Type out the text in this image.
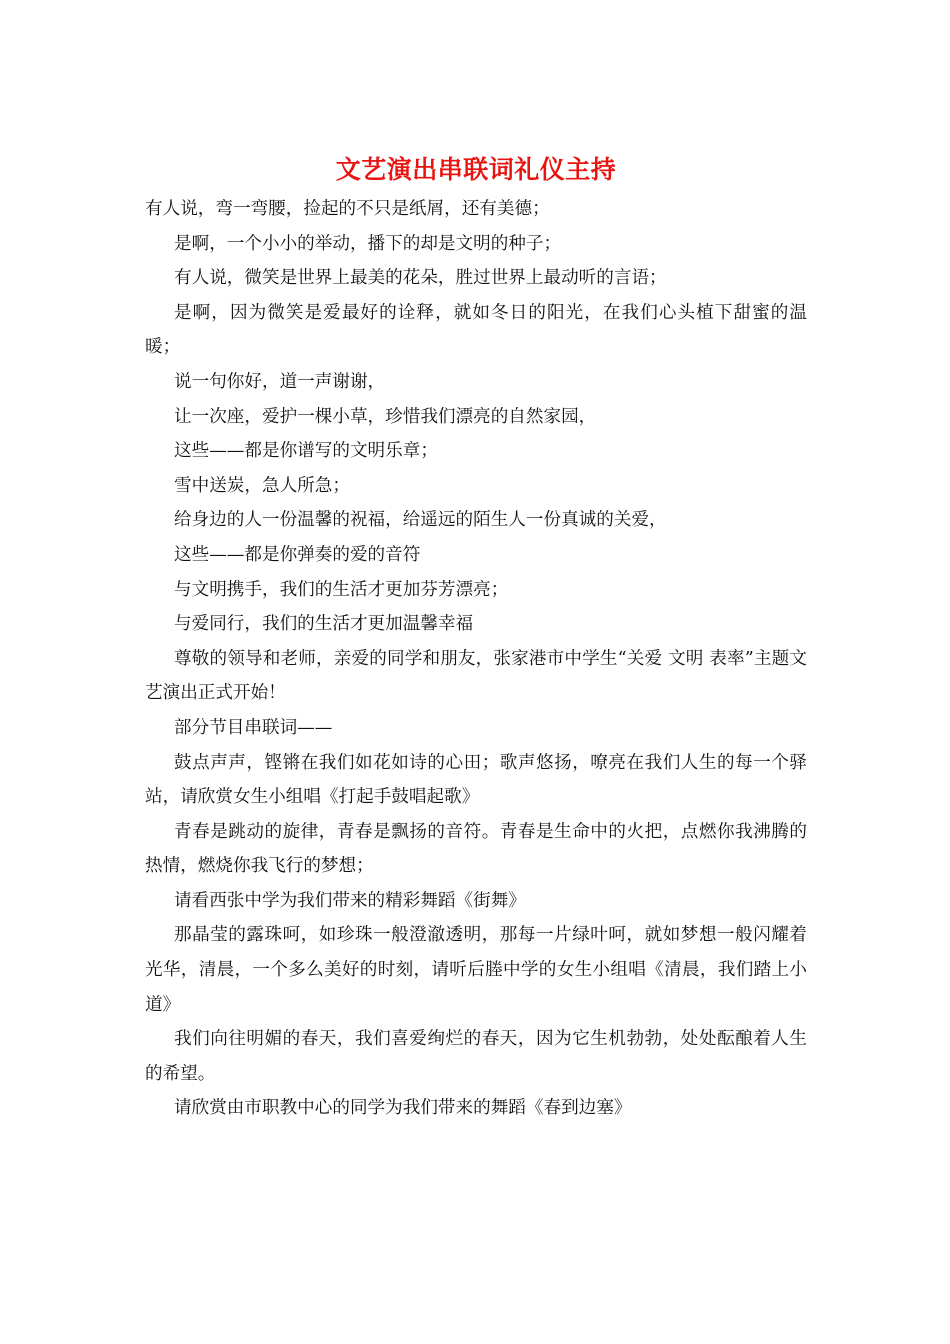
文艺演出串联词礼仪主持

有人说，弯一弯腰，捡起的不只是纸屑，还有美德；

是啊，一个小小的举动，播下的却是文明的种子；

有人说，微笑是世界上最美的花朵，胜过世界上最动听的言语；

是啊，因为微笑是爱最好的诠释，就如冬日的阳光，在我们心头植下甜蜜的温暖；

说一句你好，道一声谢谢，

让一次座，爱护一棵小草，珍惜我们漂亮的自然家园，

这些——都是你谱写的文明乐章；

雪中送炭，急人所急；

给身边的人一份温馨的祝福，给遥远的陌生人一份真诚的关爱，

这些——都是你弹奏的爱的音符

与文明携手，我们的生活才更加芬芳漂亮；

与爱同行，我们的生活才更加温馨幸福

尊敬的领导和老师，亲爱的同学和朋友，张家港市中学生“关爱 文明 表率”主题文艺演出正式开始！

部分节目串联词——

鼓点声声，铿锵在我们如花如诗的心田；歌声悠扬，嘹亮在我们人生的每一个驿站，请欣赏女生小组唱《打起手鼓唱起歌》

青春是跳动的旋律，青春是飘扬的音符。青春是生命中的火把，点燃你我沸腾的热情，燃烧你我飞行的梦想；

请看西张中学为我们带来的精彩舞蹈《街舞》

那晶莹的露珠呵，如珍珠一般澄澈透明，那每一片绿叶呵，就如梦想一般闪耀着光华，清晨，一个多么美好的时刻，请听后塍中学的女生小组唱《清晨，我们踏上小道》

我们向往明媚的春天，我们喜爱绚烂的春天，因为它生机勃勃，处处酝酿着人生的希望。

请欣赏由市职教中心的同学为我们带来的舞蹈《春到边塞》
